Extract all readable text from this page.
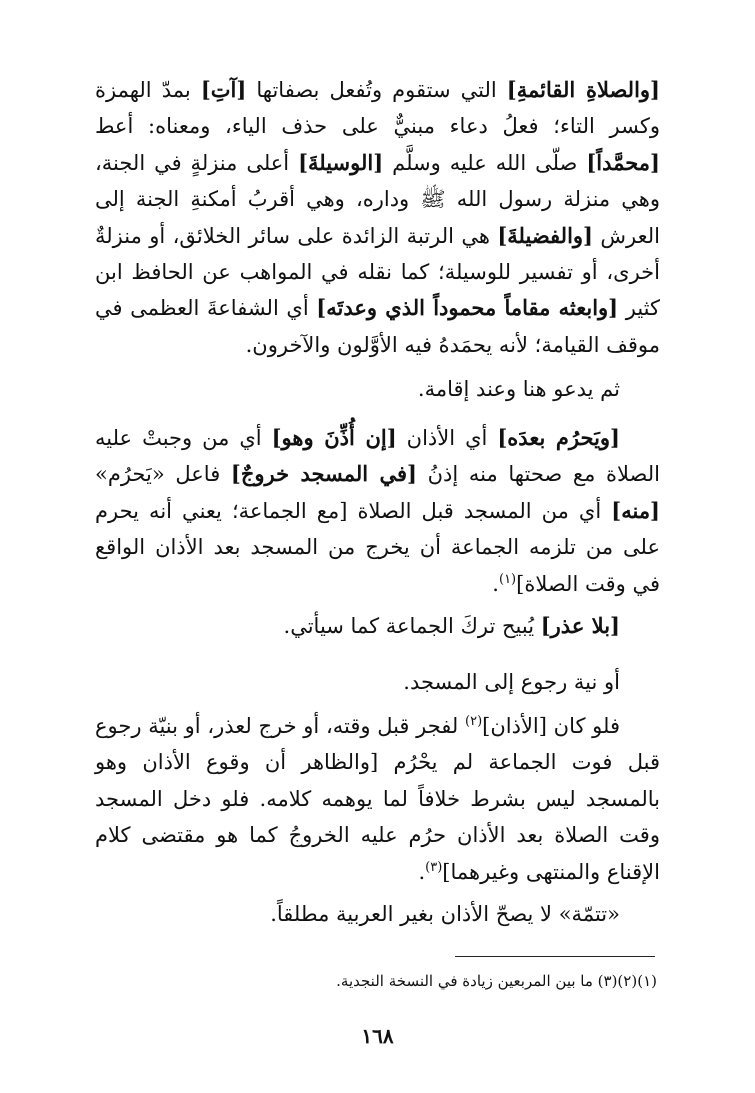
[والصلاةِ القائمةِ] التي ستقوم وتُفعل بصفاتها [آتِ] بمدّ الهمزة وكسر التاء؛ فعلُ دعاء مبنيٌّ على حذف الياء، ومعناه: أعط [محمَّداً] صلّى الله عليه وسلَّم [الوسيلةَ] أعلى منزلةٍ في الجنة، وهي منزلة رسول الله ﷺ وداره، وهي أقربُ أمكنةِ الجنة إلى العرش [والفضيلةَ] هي الرتبة الزائدة على سائر الخلائق، أو منزلةٌ أخرى، أو تفسير للوسيلة؛ كما نقله في المواهب عن الحافظ ابن كثير [وابعثه مقاماً محموداً الذي وعدتَه] أي الشفاعةَ العظمى في موقف القيامة؛ لأنه يحمَدهُ فيه الأوَّلون والآخرون.
ثم يدعو هنا وعند إقامة.
[ويَحرُم بعدَه] أي الأذان [إن أُذِّنَ وهو] أي من وجبتْ عليه الصلاة مع صحتها منه إذنُ [في المسجد خروجٌ] فاعل «يَحرُم» [منه] أي من المسجد قبل الصلاة [مع الجماعة؛ يعني أنه يحرم على من تلزمه الجماعة أن يخرج من المسجد بعد الأذان الواقع في وقت الصلاة]$^{(١)}$.
[بلا عذر] يُبيح تركَ الجماعة كما سيأتي.
أو نية رجوع إلى المسجد.
فلو كان [الأذان]$^{(٢)}$ لفجر قبل وقته، أو خرج لعذر، أو بنيّة رجوع قبل فوت الجماعة لم يحْرُم [والظاهر أن وقوع الأذان وهو بالمسجد ليس بشرط خلافاً لما يوهمه كلامه. فلو دخل المسجد وقت الصلاة بعد الأذان حرُم عليه الخروجُ كما هو مقتضى كلام الإقناع والمنتهى وغيرهما]$^{(٣)}$.
«تتمّة» لا يصحّ الأذان بغير العربية مطلقاً.
(١)(٢)(٣) ما بين المربعين زيادة في النسخة النجدية.
١٦٨
